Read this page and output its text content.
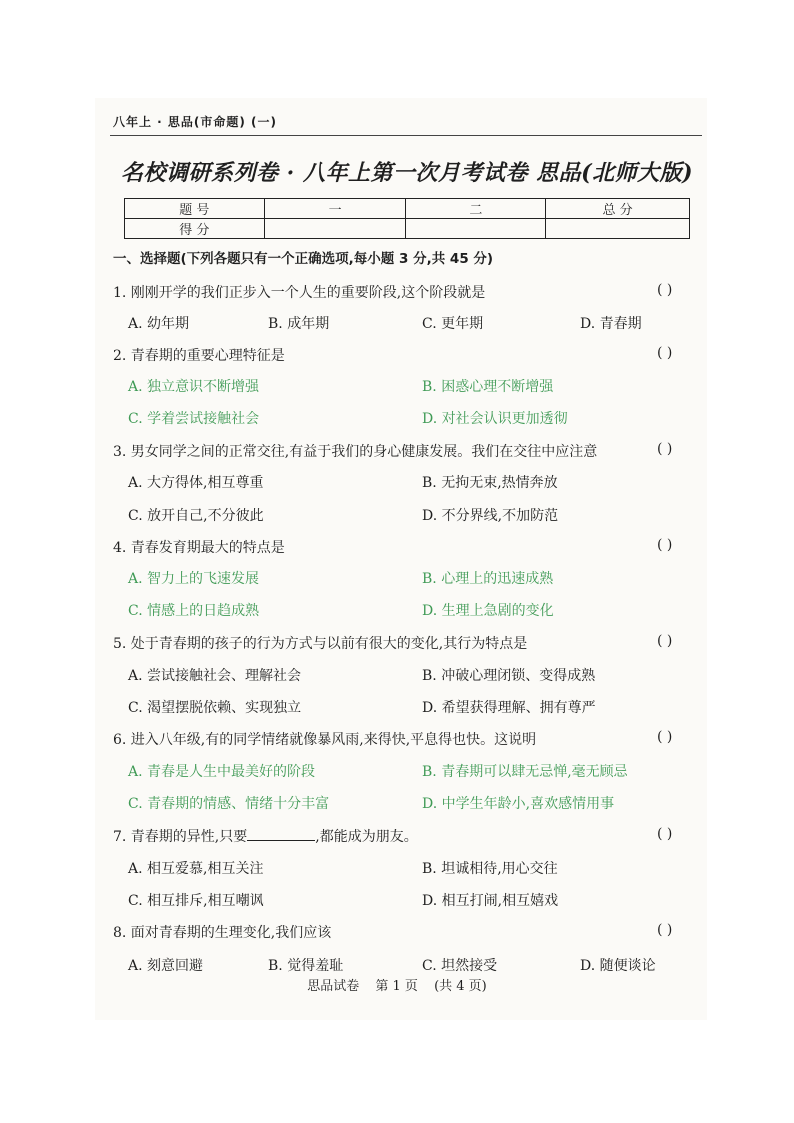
八年上 · 思品(市命题) (一)
名校调研系列卷 · 八年上第一次月考试卷 思品(北师大版)
题 号	一	二	总 分
得 分			
一、选择题(下列各题只有一个正确选项,每小题 3 分,共 45 分)
1. 刚刚开学的我们正步入一个人生的重要阶段,这个阶段就是	( )
A. 幼年期	B. 成年期	C. 更年期	D. 青春期
2. 青春期的重要心理特征是	( )
A. 独立意识不断增强	B. 困惑心理不断增强
C. 学着尝试接触社会	D. 对社会认识更加透彻
3. 男女同学之间的正常交往,有益于我们的身心健康发展。我们在交往中应注意	( )
A. 大方得体,相互尊重	B. 无拘无束,热情奔放
C. 放开自己,不分彼此	D. 不分界线,不加防范
4. 青春发育期最大的特点是	( )
A. 智力上的飞速发展	B. 心理上的迅速成熟
C. 情感上的日趋成熟	D. 生理上急剧的变化
5. 处于青春期的孩子的行为方式与以前有很大的变化,其行为特点是	( )
A. 尝试接触社会、理解社会	B. 冲破心理闭锁、变得成熟
C. 渴望摆脱依赖、实现独立	D. 希望获得理解、拥有尊严
6. 进入八年级,有的同学情绪就像暴风雨,来得快,平息得也快。这说明	( )
A. 青春是人生中最美好的阶段	B. 青春期可以肆无忌惮,毫无顾忌
C. 青春期的情感、情绪十分丰富	D. 中学生年龄小,喜欢感情用事
7. 青春期的异性,只要	,都能成为朋友。	( )
A. 相互爱慕,相互关注	B. 坦诚相待,用心交往
C. 相互排斥,相互嘲讽	D. 相互打闹,相互嬉戏
8. 面对青春期的生理变化,我们应该	( )
A. 刻意回避	B. 觉得羞耻	C. 坦然接受	D. 随便谈论
思品试卷 第 1 页 (共 4 页)
